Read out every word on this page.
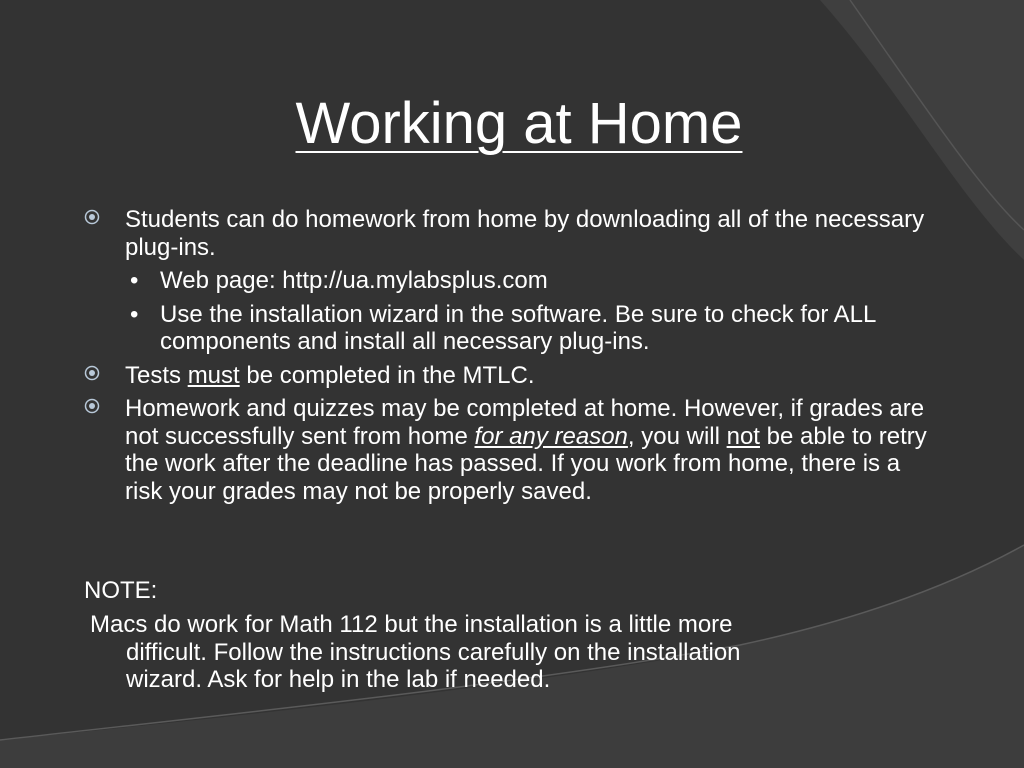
Working at Home
Students can do homework from home by downloading all of the necessary plug-ins.
• Web page: http://ua.mylabsplus.com
• Use the installation wizard in the software. Be sure to check for ALL components and install all necessary plug-ins.
Tests must be completed in the MTLC.
Homework and quizzes may be completed at home. However, if grades are not successfully sent from home for any reason, you will not be able to retry the work after the deadline has passed. If you work from home, there is a risk your grades may not be properly saved.
NOTE:
Macs do work for Math 112 but the installation is a little more
difficult. Follow the instructions carefully on the installation
wizard. Ask for help in the lab if needed.
